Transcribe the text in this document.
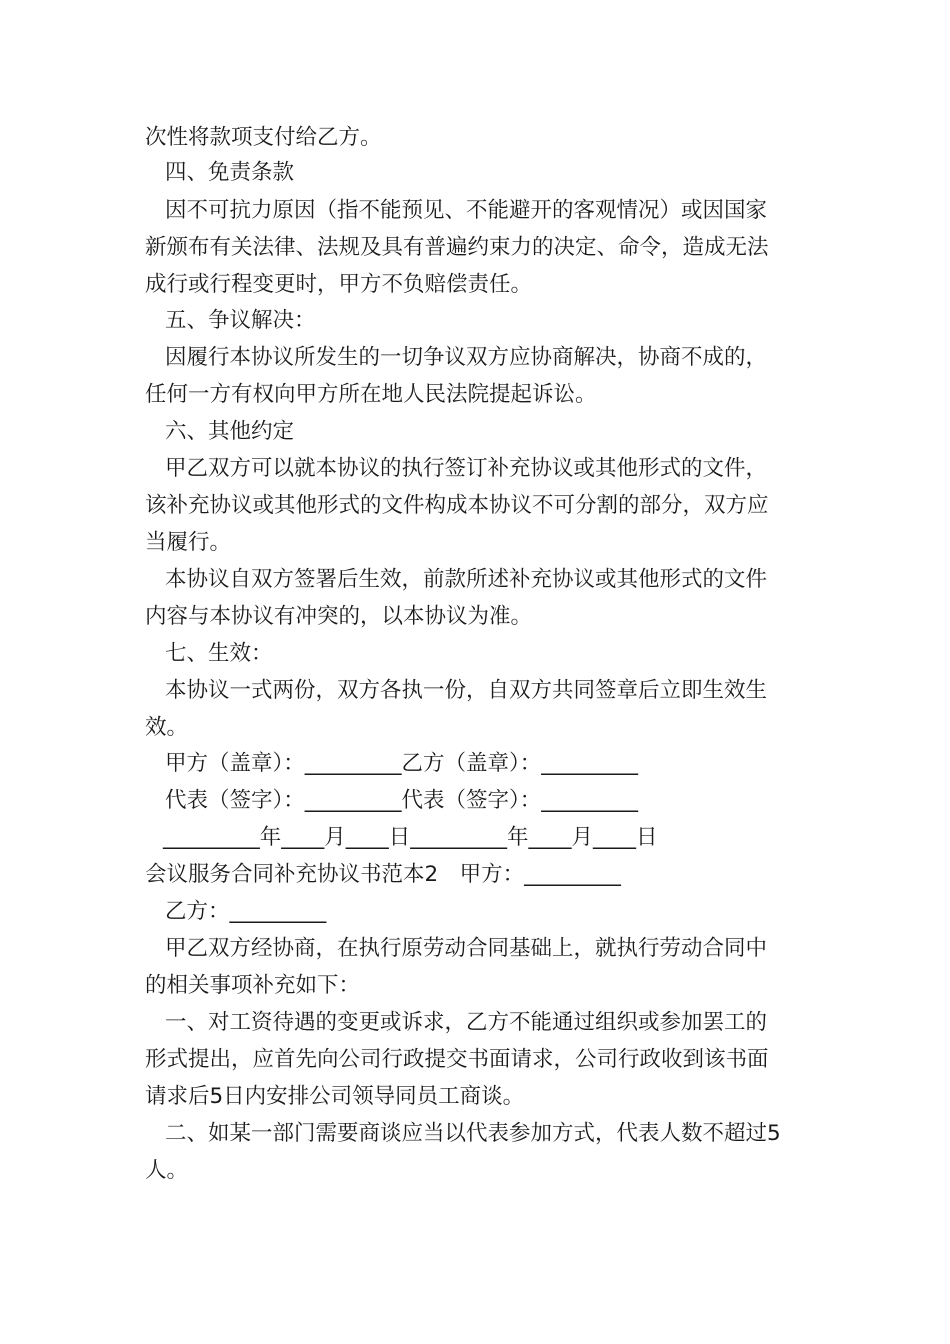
次性将款项支付给乙方。
四、免责条款
因不可抗力原因（指不能预见、不能避开的客观情况）或因国家
新颁布有关法律、法规及具有普遍约束力的决定、命令，造成无法
成行或行程变更时，甲方不负赔偿责任。
五、争议解决：
因履行本协议所发生的一切争议双方应协商解决，协商不成的，
任何一方有权向甲方所在地人民法院提起诉讼。
六、其他约定
甲乙双方可以就本协议的执行签订补充协议或其他形式的文件，
该补充协议或其他形式的文件构成本协议不可分割的部分，双方应
当履行。
本协议自双方签署后生效，前款所述补充协议或其他形式的文件
内容与本协议有冲突的，以本协议为准。
七、生效：
本协议一式两份，双方各执一份，自双方共同签章后立即生效生
效。
甲方（盖章）：_________乙方（盖章）：_________
代表（签字）：_________代表（签字）：_________
_________年____月____日_________年____月____日
会议服务合同补充协议书范本2　甲方：_________
乙方：_________
甲乙双方经协商，在执行原劳动合同基础上，就执行劳动合同中
的相关事项补充如下：
一、对工资待遇的变更或诉求，乙方不能通过组织或参加罢工的
形式提出，应首先向公司行政提交书面请求，公司行政收到该书面
请求后5日内安排公司领导同员工商谈。
二、如某一部门需要商谈应当以代表参加方式，代表人数不超过5
人。
